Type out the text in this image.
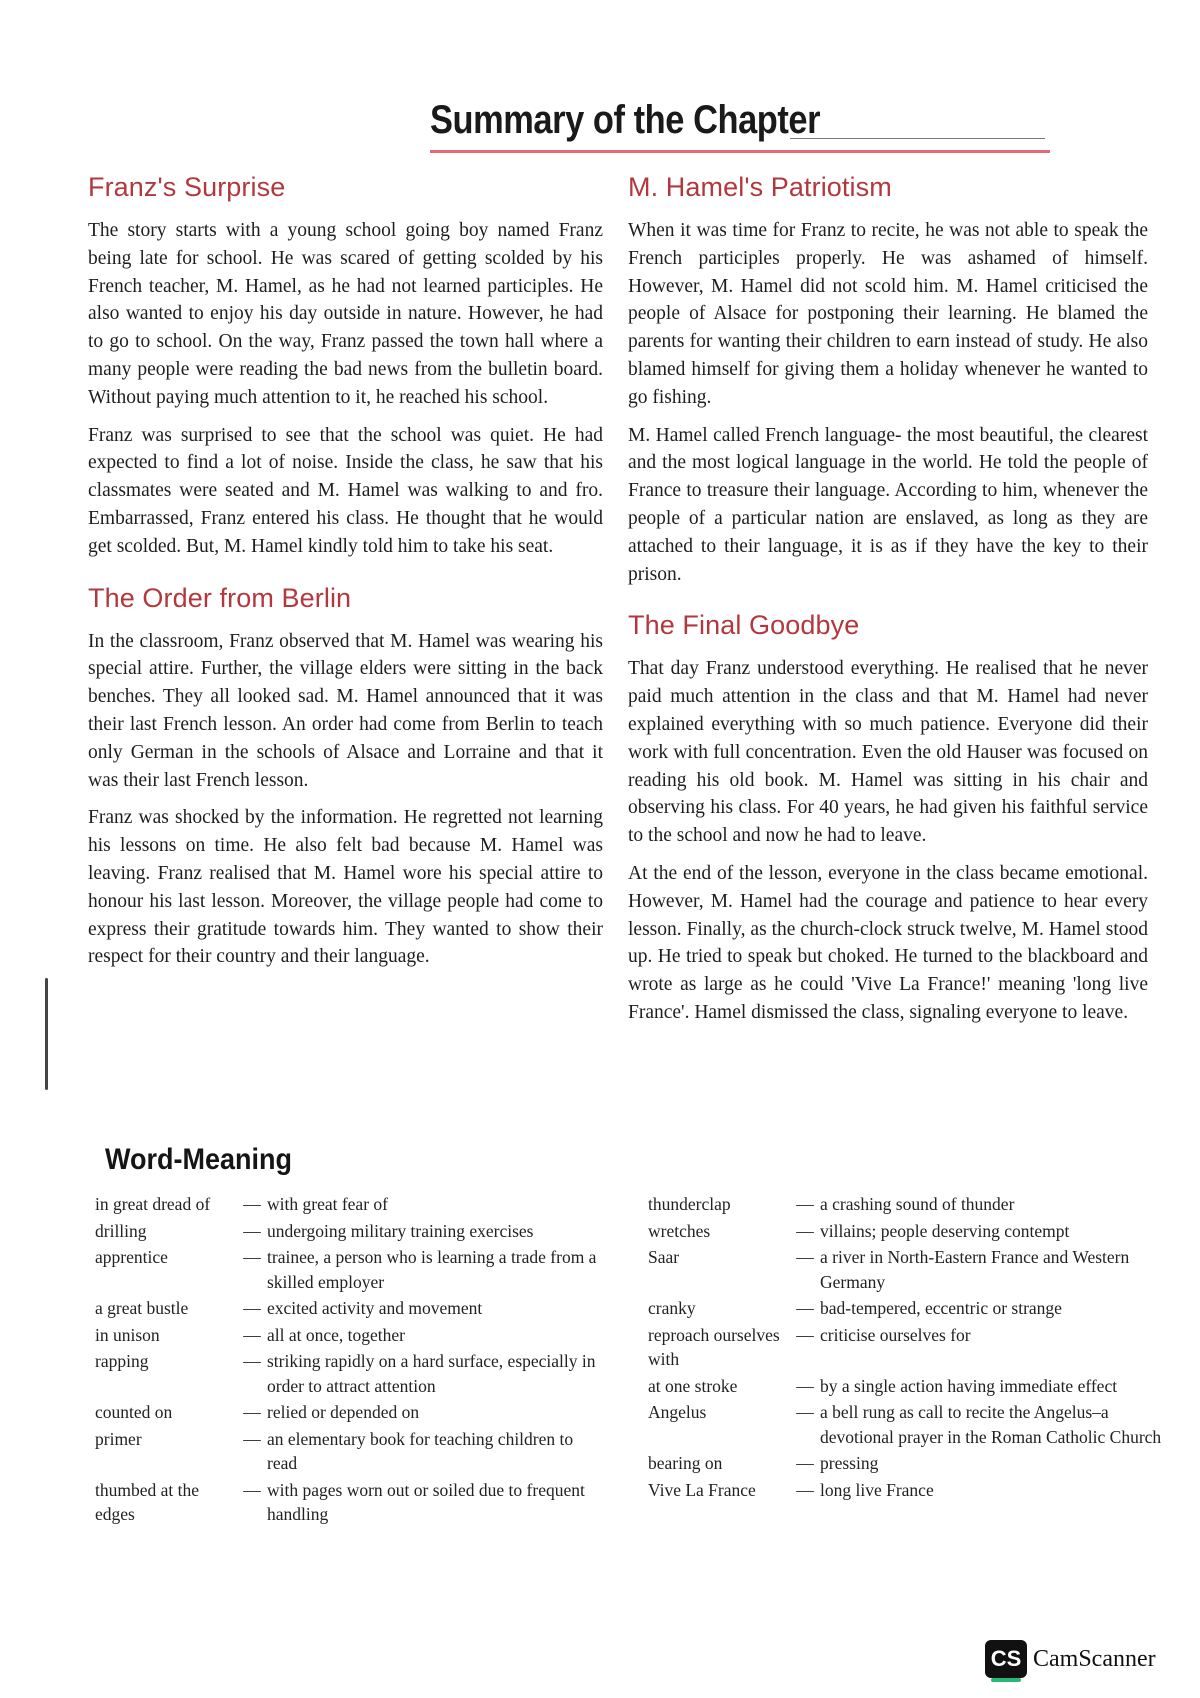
Summary of the Chapter
Franz's Surprise

The story starts with a young school going boy named Franz being late for school. He was scared of getting scolded by his French teacher, M. Hamel, as he had not learned participles. He also wanted to enjoy his day outside in nature. However, he had to go to school. On the way, Franz passed the town hall where a many people were reading the bad news from the bulletin board. Without paying much attention to it, he reached his school.

Franz was surprised to see that the school was quiet. He had expected to find a lot of noise. Inside the class, he saw that his classmates were seated and M. Hamel was walking to and fro. Embarrassed, Franz entered his class. He thought that he would get scolded. But, M. Hamel kindly told him to take his seat.

The Order from Berlin

In the classroom, Franz observed that M. Hamel was wearing his special attire. Further, the village elders were sitting in the back benches. They all looked sad. M. Hamel announced that it was their last French lesson. An order had come from Berlin to teach only German in the schools of Alsace and Lorraine and that it was their last French lesson.

Franz was shocked by the information. He regretted not learning his lessons on time. He also felt bad because M. Hamel was leaving. Franz realised that M. Hamel wore his special attire to honour his last lesson. Moreover, the village people had come to express their gratitude towards him. They wanted to show their respect for their country and their language.

M. Hamel's Patriotism

When it was time for Franz to recite, he was not able to speak the French participles properly. He was ashamed of himself. However, M. Hamel did not scold him. M. Hamel criticised the people of Alsace for postponing their learning. He blamed the parents for wanting their children to earn instead of study. He also blamed himself for giving them a holiday whenever he wanted to go fishing.

M. Hamel called French language- the most beautiful, the clearest and the most logical language in the world. He told the people of France to treasure their language. According to him, whenever the people of a particular nation are enslaved, as long as they are attached to their language, it is as if they have the key to their prison.

The Final Goodbye

That day Franz understood everything. He realised that he never paid much attention in the class and that M. Hamel had never explained everything with so much patience. Everyone did their work with full concentration. Even the old Hauser was focused on reading his old book. M. Hamel was sitting in his chair and observing his class. For 40 years, he had given his faithful service to the school and now he had to leave.

At the end of the lesson, everyone in the class became emotional. However, M. Hamel had the courage and patience to hear every lesson. Finally, as the church-clock struck twelve, M. Hamel stood up. He tried to speak but choked. He turned to the blackboard and wrote as large as he could 'Vive La France!' meaning 'long live France'. Hamel dismissed the class, signaling everyone to leave.

Word-Meaning
in great dread of	— with great fear of
drilling	— undergoing military training exercises
apprentice	— trainee, a person who is learning a trade from a skilled employer
a great bustle	— excited activity and movement
in unison	— all at once, together
rapping	— striking rapidly on a hard surface, especially in order to attract attention
counted on	— relied or depended on
primer	— an elementary book for teaching children to read
thumbed at the edges
— with pages worn out or soiled due to frequent handling
thunderclap	— a crashing sound of thunder
wretches	— villains; people deserving contempt
Saar	— a river in North-Eastern France and Western Germany
cranky	— bad-tempered, eccentric or strange
reproach ourselves with
— criticise ourselves for
at one stroke	— by a single action having immediate effect
Angelus	— a bell rung as call to recite the Angelus–a devotional prayer in the Roman Catholic Church
bearing on	— pressing
Vive La France	— long live France
CS CamScanner
